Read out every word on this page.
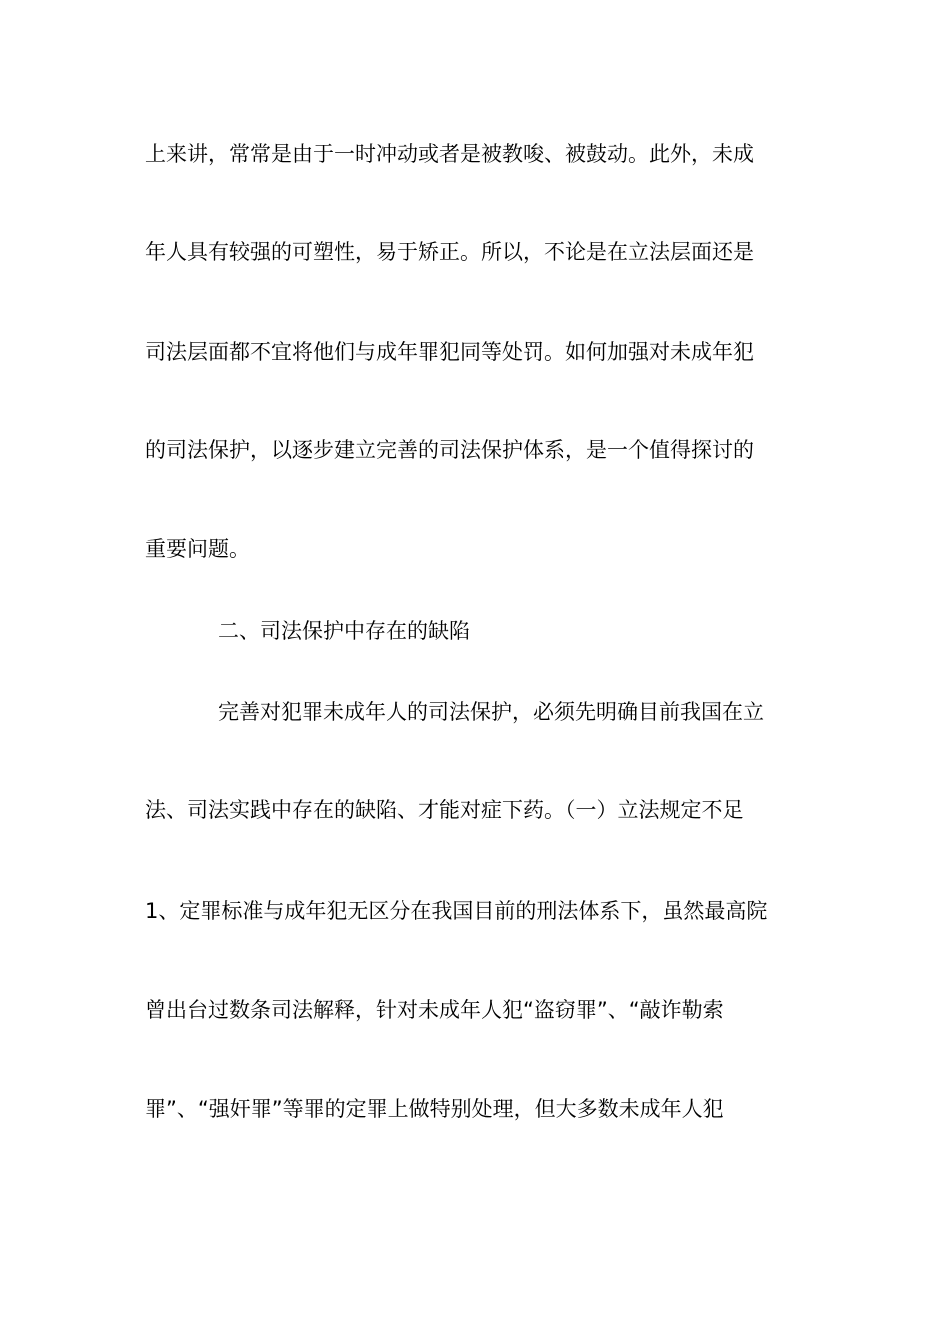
上来讲，常常是由于一时冲动或者是被教唆、被鼓动。此外，未成
年人具有较强的可塑性，易于矫正。所以，不论是在立法层面还是
司法层面都不宜将他们与成年罪犯同等处罚。如何加强对未成年犯
的司法保护，以逐步建立完善的司法保护体系，是一个值得探讨的
重要问题。
二、司法保护中存在的缺陷
完善对犯罪未成年人的司法保护，必须先明确目前我国在立
法、司法实践中存在的缺陷、才能对症下药。（一）立法规定不足
1、定罪标准与成年犯无区分在我国目前的刑法体系下，虽然最高院
曾出台过数条司法解释，针对未成年人犯“盗窃罪”、“敲诈勒索
罪”、“强奸罪”等罪的定罪上做特别处理，但大多数未成年人犯
